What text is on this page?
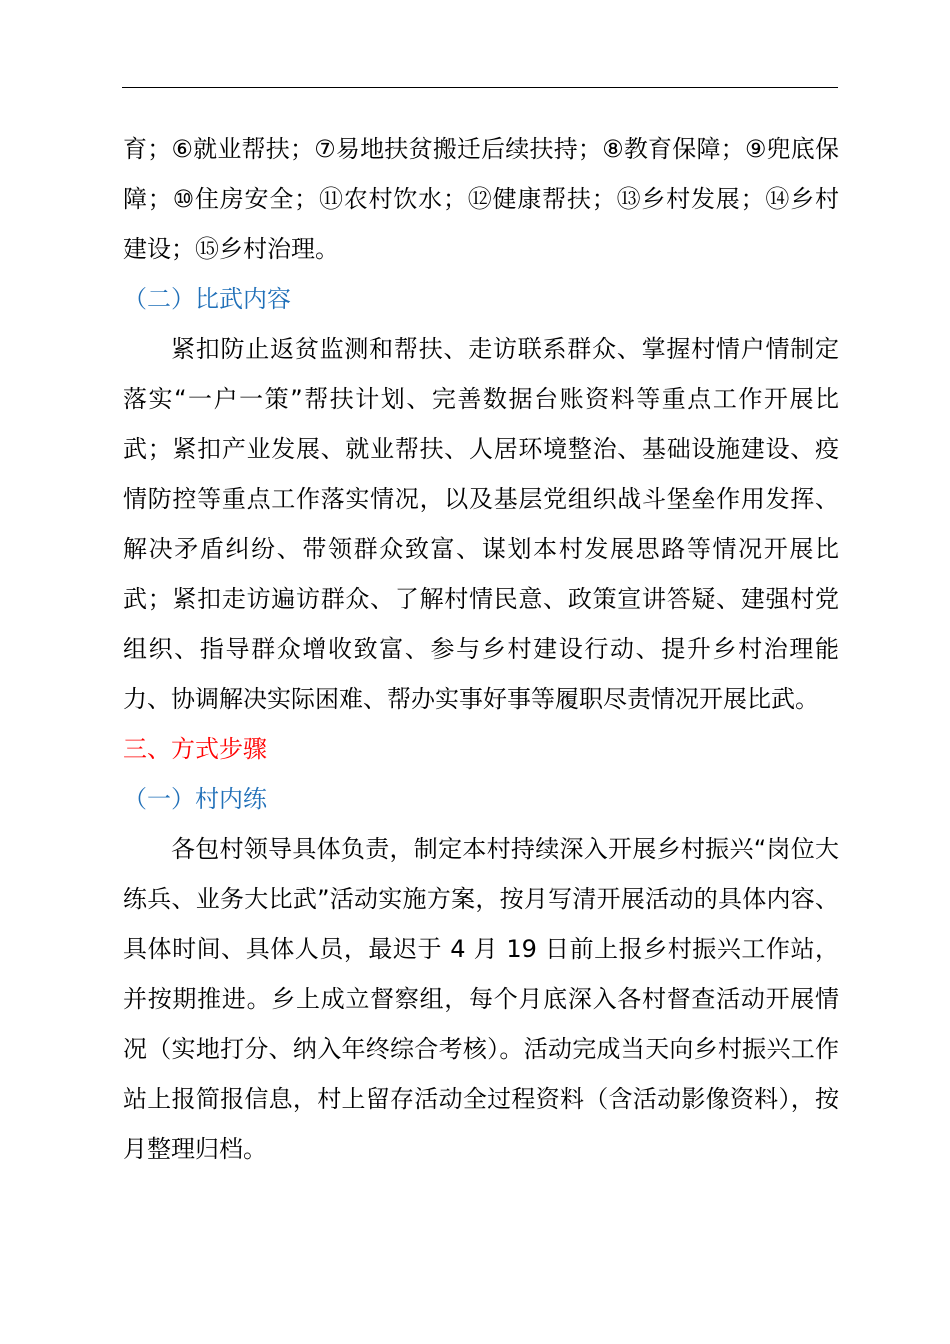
育；⑥就业帮扶；⑦易地扶贫搬迁后续扶持；⑧教育保障；⑨兜底保障；⑩住房安全；⑪农村饮水；⑫健康帮扶；⑬乡村发展；⑭乡村建设；⑮乡村治理。

（二）比武内容

紧扣防止返贫监测和帮扶、走访联系群众、掌握村情户情制定落实“一户一策”帮扶计划、完善数据台账资料等重点工作开展比武；紧扣产业发展、就业帮扶、人居环境整治、基础设施建设、疫情防控等重点工作落实情况，以及基层党组织战斗堡垒作用发挥、解决矛盾纠纷、带领群众致富、谋划本村发展思路等情况开展比武；紧扣走访遍访群众、了解村情民意、政策宣讲答疑、建强村党组织、指导群众增收致富、参与乡村建设行动、提升乡村治理能力、协调解决实际困难、帮办实事好事等履职尽责情况开展比武。

三、方式步骤

（一）村内练

各包村领导具体负责，制定本村持续深入开展乡村振兴“岗位大练兵、业务大比武”活动实施方案，按月写清开展活动的具体内容、具体时间、具体人员，最迟于 4 月 19 日前上报乡村振兴工作站，并按期推进。乡上成立督察组，每个月底深入各村督查活动开展情况（实地打分、纳入年终综合考核）。活动完成当天向乡村振兴工作站上报简报信息，村上留存活动全过程资料（含活动影像资料），按月整理归档。
